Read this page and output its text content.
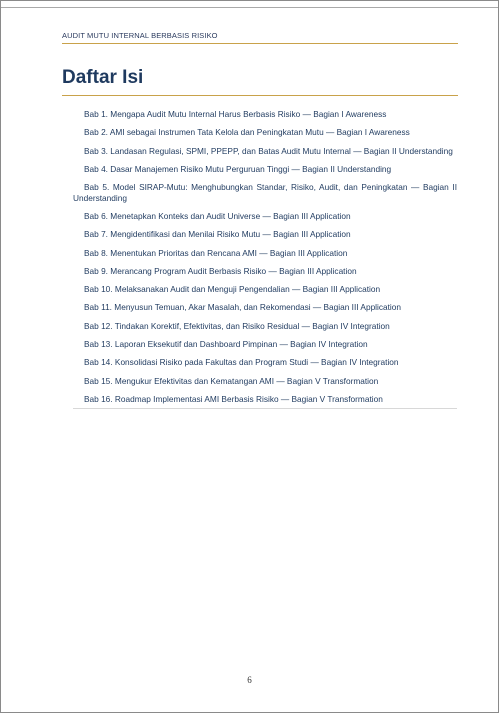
AUDIT MUTU INTERNAL BERBASIS RISIKO
Daftar Isi
Bab 1. Mengapa Audit Mutu Internal Harus Berbasis Risiko — Bagian I Awareness
Bab 2. AMI sebagai Instrumen Tata Kelola dan Peningkatan Mutu — Bagian I Awareness
Bab 3. Landasan Regulasi, SPMI, PPEPP, dan Batas Audit Mutu Internal — Bagian II Understanding
Bab 4. Dasar Manajemen Risiko Mutu Perguruan Tinggi — Bagian II Understanding
Bab 5. Model SIRAP-Mutu: Menghubungkan Standar, Risiko, Audit, dan Peningkatan — Bagian II Understanding
Bab 6. Menetapkan Konteks dan Audit Universe — Bagian III Application
Bab 7. Mengidentifikasi dan Menilai Risiko Mutu — Bagian III Application
Bab 8. Menentukan Prioritas dan Rencana AMI — Bagian III Application
Bab 9. Merancang Program Audit Berbasis Risiko — Bagian III Application
Bab 10. Melaksanakan Audit dan Menguji Pengendalian — Bagian III Application
Bab 11. Menyusun Temuan, Akar Masalah, dan Rekomendasi — Bagian III Application
Bab 12. Tindakan Korektif, Efektivitas, dan Risiko Residual — Bagian IV Integration
Bab 13. Laporan Eksekutif dan Dashboard Pimpinan — Bagian IV Integration
Bab 14. Konsolidasi Risiko pada Fakultas dan Program Studi — Bagian IV Integration
Bab 15. Mengukur Efektivitas dan Kematangan AMI — Bagian V Transformation
Bab 16. Roadmap Implementasi AMI Berbasis Risiko — Bagian V Transformation
6
